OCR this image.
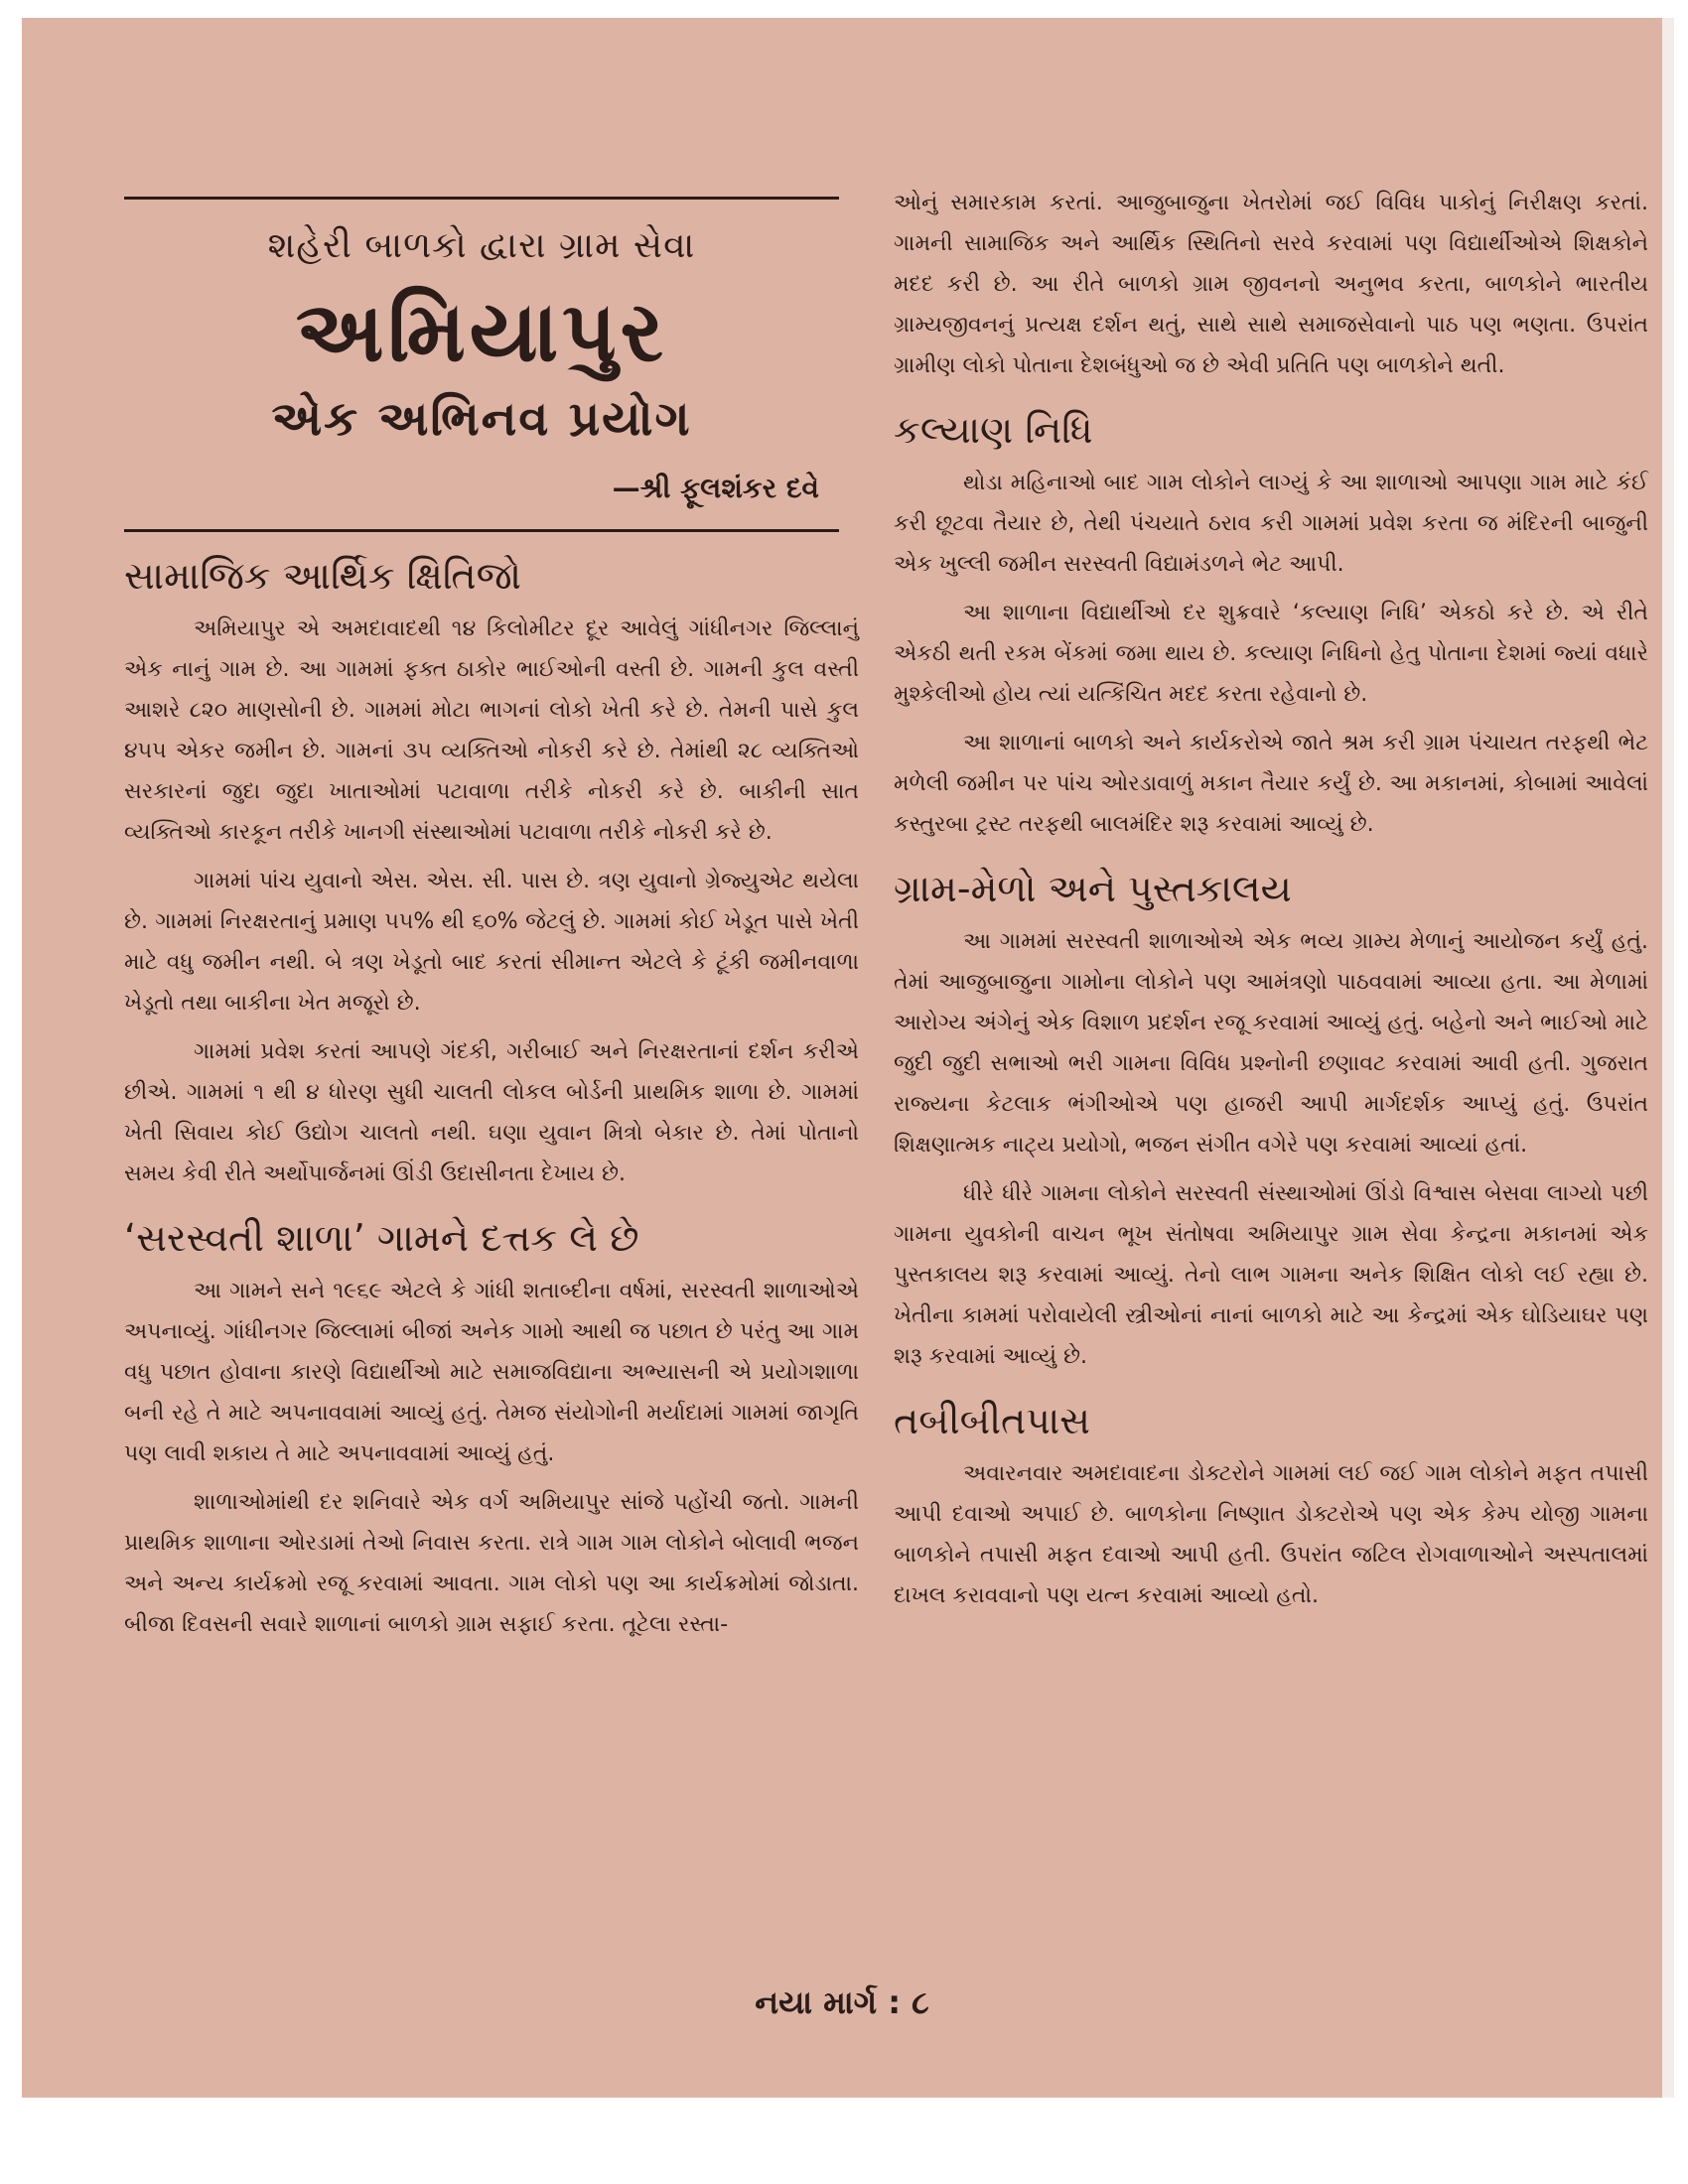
શહેરી બાળકો દ્વારા ગ્રામ સેવા
અમિયાપુર
એક અભિનવ પ્રયોગ
—શ્રી ફૂલશંકર દવે
સામાજિક આર્થિક ક્ષિતિજો

અમિયાપુર એ અમદાવાદથી ૧૪ કિલોમીટર દૂર આવેલું ગાંધીનગર જિલ્લાનું એક નાનું ગામ છે. આ ગામમાં ફક્ત ઠાકોર ભાઈઓની વસ્તી છે. ગામની કુલ વસ્તી આશરે ૮૨૦ માણસોની છે. ગામમાં મોટા ભાગનાં લોકો ખેતી કરે છે. તેમની પાસે કુલ ૪૫૫ એકર જમીન છે. ગામનાં ૩૫ વ્યક્તિઓ નોકરી કરે છે. તેમાંથી ૨૮ વ્યક્તિઓ સરકારનાં જુદા જુદા ખાતાઓમાં પટાવાળા તરીકે નોકરી કરે છે. બાકીની સાત વ્યક્તિઓ કારકૂન તરીકે ખાનગી સંસ્થાઓમાં પટાવાળા તરીકે નોકરી કરે છે.

ગામમાં પાંચ યુવાનો એસ. એસ. સી. પાસ છે. ત્રણ યુવાનો ગ્રેજ્યુએટ થયેલા છે. ગામમાં નિરક્ષરતાનું પ્રમાણ ૫૫% થી ૬૦% જેટલું છે. ગામમાં કોઈ ખેડૂત પાસે ખેતી માટે વધુ જમીન નથી. બે ત્રણ ખેડૂતો બાદ કરતાં સીમાન્ત એટલે કે ટૂંકી જમીનવાળા ખેડૂતો તથા બાકીના ખેત મજૂરો છે.

ગામમાં પ્રવેશ કરતાં આપણે ગંદકી, ગરીબાઈ અને નિરક્ષરતાનાં દર્શન કરીએ છીએ. ગામમાં ૧ થી ૪ ધોરણ સુધી ચાલતી લોકલ બોર્ડની પ્રાથમિક શાળા છે. ગામમાં ખેતી સિવાય કોઈ ઉદ્યોગ ચાલતો નથી. ઘણા યુવાન મિત્રો બેકાર છે. તેમાં પોતાનો સમય કેવી રીતે અર્થોપાર્જનમાં ઊંડી ઉદાસીનતા દેખાય છે.

‘સરસ્વતી શાળા’ ગામને દત્તક લે છે

આ ગામને સને ૧૯૬૯ એટલે કે ગાંધી શતાબ્દીના વર્ષમાં, સરસ્વતી શાળાઓએ અપનાવ્યું. ગાંધીનગર જિલ્લામાં બીજાં અનેક ગામો આથી જ પછાત છે પરંતુ આ ગામ વધુ પછાત હોવાના કારણે વિદ્યાર્થીઓ માટે સમાજવિદ્યાના અભ્યાસની એ પ્રયોગશાળા બની રહે તે માટે અપનાવવામાં આવ્યું હતું. તેમજ સંયોગોની મર્યાદામાં ગામમાં જાગૃતિ પણ લાવી શકાય તે માટે અપનાવવામાં આવ્યું હતું.

શાળાઓમાંથી દર શનિવારે એક વર્ગ અમિયાપુર સાંજે પહોંચી જતો. ગામની પ્રાથમિક શાળાના ઓરડામાં તેઓ નિવાસ કરતા. રાત્રે ગામ ગામ લોકોને બોલાવી ભજન અને અન્ય કાર્યક્રમો રજૂ કરવામાં આવતા. ગામ લોકો પણ આ કાર્યક્રમોમાં જોડાતા. બીજા દિવસની સવારે શાળાનાં બાળકો ગ્રામ સફાઈ કરતા. તૂટેલા રસ્તા-

ઓનું સમારકામ કરતાં. આજુબાજુના ખેતરોમાં જઈ વિવિધ પાકોનું નિરીક્ષણ કરતાં. ગામની સામાજિક અને આર્થિક સ્થિતિનો સરવે કરવામાં પણ વિદ્યાર્થીઓએ શિક્ષકોને મદદ કરી છે. આ રીતે બાળકો ગ્રામ જીવનનો અનુભવ કરતા, બાળકોને ભારતીય ગ્રામ્યજીવનનું પ્રત્યક્ષ દર્શન થતું, સાથે સાથે સમાજસેવાનો પાઠ પણ ભણતા. ઉપરાંત ગ્રામીણ લોકો પોતાના દેશબંધુઓ જ છે એવી પ્રતિતિ પણ બાળકોને થતી.

કલ્યાણ નિધિ

થોડા મહિનાઓ બાદ ગામ લોકોને લાગ્યું કે આ શાળાઓ આપણા ગામ માટે કંઈ કરી છૂટવા તૈયાર છે, તેથી પંચયાતે ઠરાવ કરી ગામમાં પ્રવેશ કરતા જ મંદિરની બાજુની એક ખુલ્લી જમીન સરસ્વતી વિદ્યામંડળને ભેટ આપી.

આ શાળાના વિદ્યાર્થીઓ દર શુક્રવારે ‘કલ્યાણ નિધિ’ એકઠો કરે છે. એ રીતે એકઠી થતી રકમ બેંકમાં જમા થાય છે. કલ્યાણ નિધિનો હેતુ પોતાના દેશમાં જ્યાં વધારે મુશ્કેલીઓ હોય ત્યાં યત્કિંચિત મદદ કરતા રહેવાનો છે.

આ શાળાનાં બાળકો અને કાર્યકરોએ જાતે શ્રમ કરી ગ્રામ પંચાયત તરફથી ભેટ મળેલી જમીન પર પાંચ ઓરડાવાળું મકાન તૈયાર કર્યું છે. આ મકાનમાં, કોબામાં આવેલાં કસ્તુરબા ટ્રસ્ટ તરફથી બાલમંદિર શરૂ કરવામાં આવ્યું છે.

ગ્રામ-મેળો અને પુસ્તકાલય

આ ગામમાં સરસ્વતી શાળાઓએ એક ભવ્ય ગ્રામ્ય મેળાનું આયોજન કર્યું હતું. તેમાં આજુબાજુના ગામોના લોકોને પણ આમંત્રણો પાઠવવામાં આવ્યા હતા. આ મેળામાં આરોગ્ય અંગેનું એક વિશાળ પ્રદર્શન રજૂ કરવામાં આવ્યું હતું. બહેનો અને ભાઈઓ માટે જુદી જુદી સભાઓ ભરી ગામના વિવિધ પ્રશ્નોની છણાવટ કરવામાં આવી હતી. ગુજરાત રાજ્યના કેટલાક ભંગીઓએ પણ હાજરી આપી માર્ગદર્શક આપ્યું હતું. ઉપરાંત શિક્ષણાત્મક નાટ્ય પ્રયોગો, ભજન સંગીત વગેરે પણ કરવામાં આવ્યાં હતાં.

ધીરે ધીરે ગામના લોકોને સરસ્વતી સંસ્થાઓમાં ઊંડો વિશ્વાસ બેસવા લાગ્યો પછી ગામના યુવકોની વાચન ભૂખ સંતોષવા અમિયાપુર ગ્રામ સેવા કેન્દ્રના મકાનમાં એક પુસ્તકાલય શરૂ કરવામાં આવ્યું. તેનો લાભ ગામના અનેક શિક્ષિત લોકો લઈ રહ્યા છે. ખેતીના કામમાં પરોવાયેલી સ્ત્રીઓનાં નાનાં બાળકો માટે આ કેન્દ્રમાં એક ઘોડિયાઘર પણ શરૂ કરવામાં આવ્યું છે.

તબીબીતપાસ

અવારનવાર અમદાવાદના ડોક્ટરોને ગામમાં લઈ જઈ ગામ લોકોને મફત તપાસી આપી દવાઓ અપાઈ છે. બાળકોના નિષ્ણાત ડોક્ટરોએ પણ એક કેમ્પ યોજી ગામના બાળકોને તપાસી મફત દવાઓ આપી હતી. ઉપરાંત જટિલ રોગવાળાઓને અસ્પતાલમાં દાખલ કરાવવાનો પણ યત્ન કરવામાં આવ્યો હતો.

નયા માર્ગ : ૮
